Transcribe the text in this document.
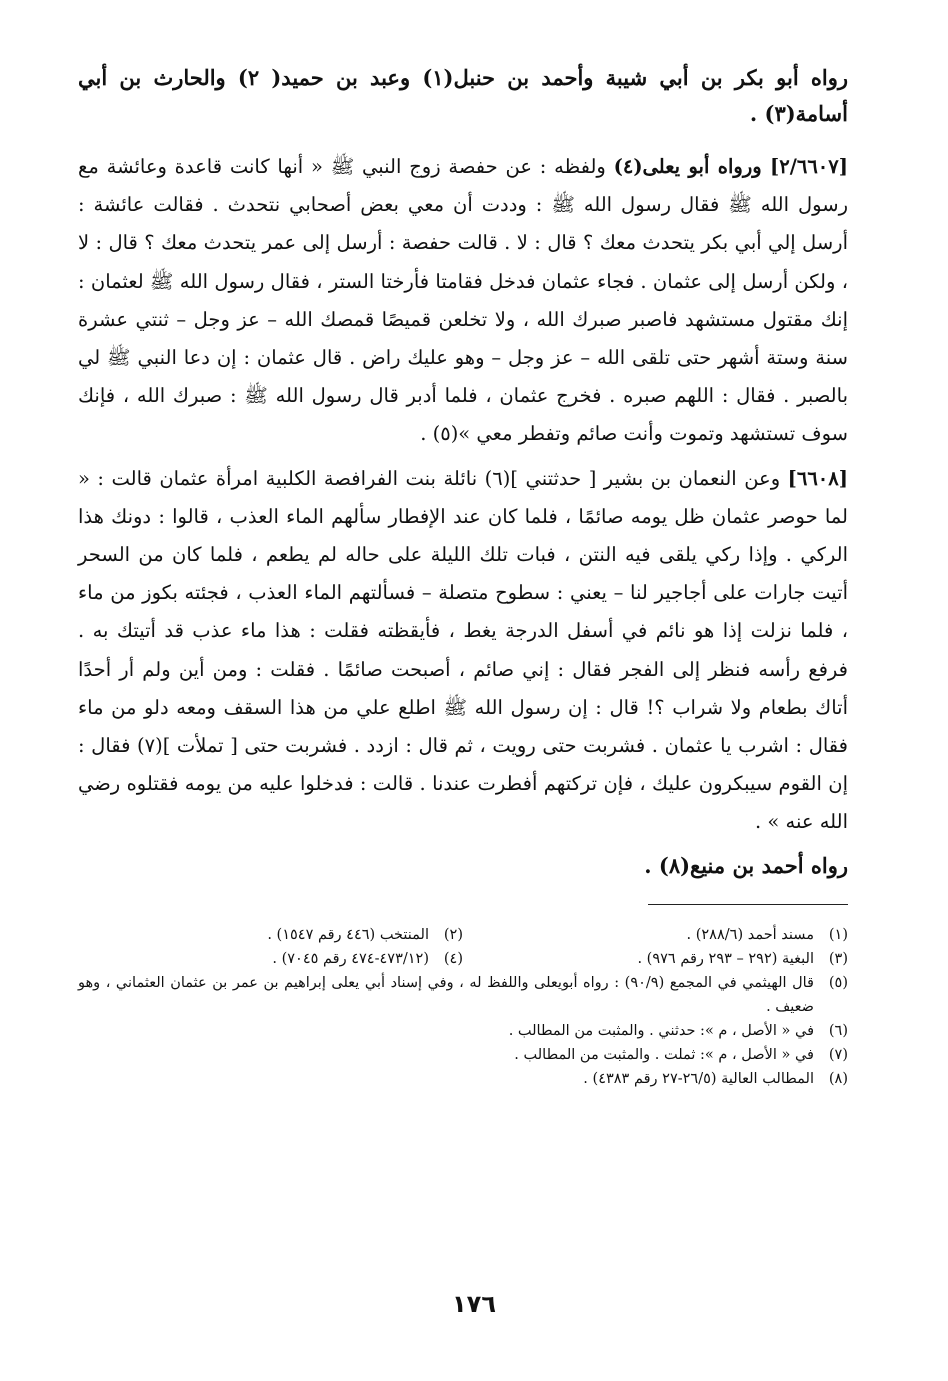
رواه أبو بكر بن أبي شيبة وأحمد بن حنبل(١) وعبد بن حميد( ٢) والحارث بن أبي أسامة(٣) .

[٢/٦٦٠٧] ورواه أبو يعلى(٤) ولفظه : عن حفصة زوج النبي ﷺ « أنها كانت قاعدة وعائشة مع رسول الله ﷺ فقال رسول الله ﷺ : وددت أن معي بعض أصحابي نتحدث . فقالت عائشة : أرسل إلي أبي بكر يتحدث معك ؟ قال : لا . قالت حفصة : أرسل إلى عمر يتحدث معك ؟ قال : لا ، ولكن أرسل إلى عثمان . فجاء عثمان فدخل فقامتا فأرختا الستر ، فقال رسول الله ﷺ لعثمان : إنك مقتول مستشهد فاصبر صبرك الله ، ولا تخلعن قميصًا قمصك الله – عز وجل – ثنتي عشرة سنة وستة أشهر حتى تلقى الله – عز وجل – وهو عليك راض . قال عثمان : إن دعا النبي ﷺ لي بالصبر . فقال : اللهم صبره . فخرج عثمان ، فلما أدبر قال رسول الله ﷺ : صبرك الله ، فإنك سوف تستشهد وتموت وأنت صائم وتفطر معي »(٥) .

[٦٦٠٨] وعن النعمان بن بشير [ حدثتني ](٦) نائلة بنت الفرافصة الكلبية امرأة عثمان قالت : « لما حوصر عثمان ظل يومه صائمًا ، فلما كان عند الإفطار سألهم الماء العذب ، قالوا : دونك هذا الركي . وإذا ركي يلقى فيه النتن ، فبات تلك الليلة على حاله لم يطعم ، فلما كان من السحر أتيت جارات على أجاجير لنا – يعني : سطوح متصلة – فسألتهم الماء العذب ، فجئته بكوز من ماء ، فلما نزلت إذا هو نائم في أسفل الدرجة يغط ، فأيقظته فقلت : هذا ماء عذب قد أتيتك به . فرفع رأسه فنظر إلى الفجر فقال : إني صائم ، أصبحت صائمًا . فقلت : ومن أين ولم أر أحدًا أتاك بطعام ولا شراب ؟! قال : إن رسول الله ﷺ اطلع علي من هذا السقف ومعه دلو من ماء فقال : اشرب يا عثمان . فشربت حتى رويت ، ثم قال : ازدد . فشربت حتى [ تملأت ](٧) فقال : إن القوم سيبكرون عليك ، فإن تركتهم أفطرت عندنا . قالت : فدخلوا عليه من يومه فقتلوه رضي الله عنه » .

رواه أحمد بن منيع(٨) .

(١)
مسند أحمد (٢٨٨/٦) .
(٢)
المنتخب (٤٤٦ رقم ١٥٤٧) .
(٣)
البغية (٢٩٢ – ٢٩٣ رقم ٩٧٦) .
(٤)
(٤٧٣/١٢-٤٧٤ رقم ٧٠٤٥) .
(٥)
قال الهيثمي في المجمع (٩٠/٩) : رواه أبويعلى واللفظ له ، وفي إسناد أبي يعلى إبراهيم بن عمر بن عثمان العثماني ، وهو ضعيف .
(٦)
في « الأصل ، م »: حدثني . والمثبت من المطالب .
(٧)
في « الأصل ، م »: ثملت . والمثبت من المطالب .
(٨)
المطالب العالية (٢٦/٥-٢٧ رقم ٤٣٨٣) .
١٧٦
